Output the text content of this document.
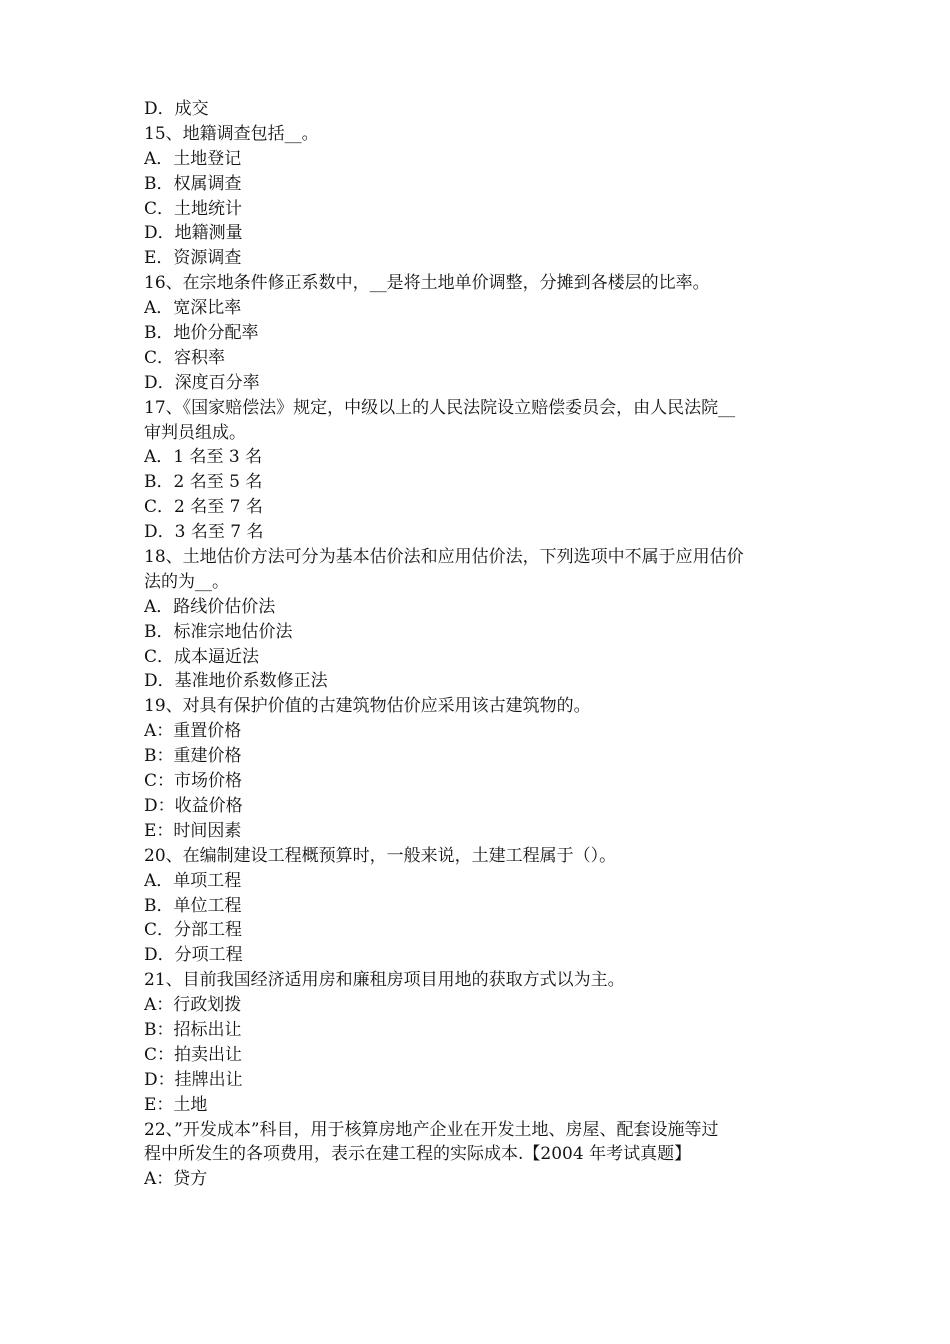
D．成交
15、地籍调查包括__。
A．土地登记
B．权属调查
C．土地统计
D．地籍测量
E．资源调查
16、在宗地条件修正系数中，__是将土地单价调整，分摊到各楼层的比率。
A．宽深比率
B．地价分配率
C．容积率
D．深度百分率
17、《国家赔偿法》规定，中级以上的人民法院设立赔偿委员会，由人民法院__
审判员组成。
A．1 名至 3 名
B．2 名至 5 名
C．2 名至 7 名
D．3 名至 7 名
18、土地估价方法可分为基本估价法和应用估价法，下列选项中不属于应用估价
法的为__。
A．路线价估价法
B．标准宗地估价法
C．成本逼近法
D．基准地价系数修正法
19、对具有保护价值的古建筑物估价应采用该古建筑物的。
A：重置价格
B：重建价格
C：市场价格
D：收益价格
E：时间因素
20、在编制建设工程概预算时，一般来说，土建工程属于（）。
A．单项工程
B．单位工程
C．分部工程
D．分项工程
21、目前我国经济适用房和廉租房项目用地的获取方式以为主。
A：行政划拨
B：招标出让
C：拍卖出让
D：挂牌出让
E：土地
22、”开发成本”科目，用于核算房地产企业在开发土地、房屋、配套设施等过
程中所发生的各项费用，表示在建工程的实际成本.【2004 年考试真题】
A：贷方
